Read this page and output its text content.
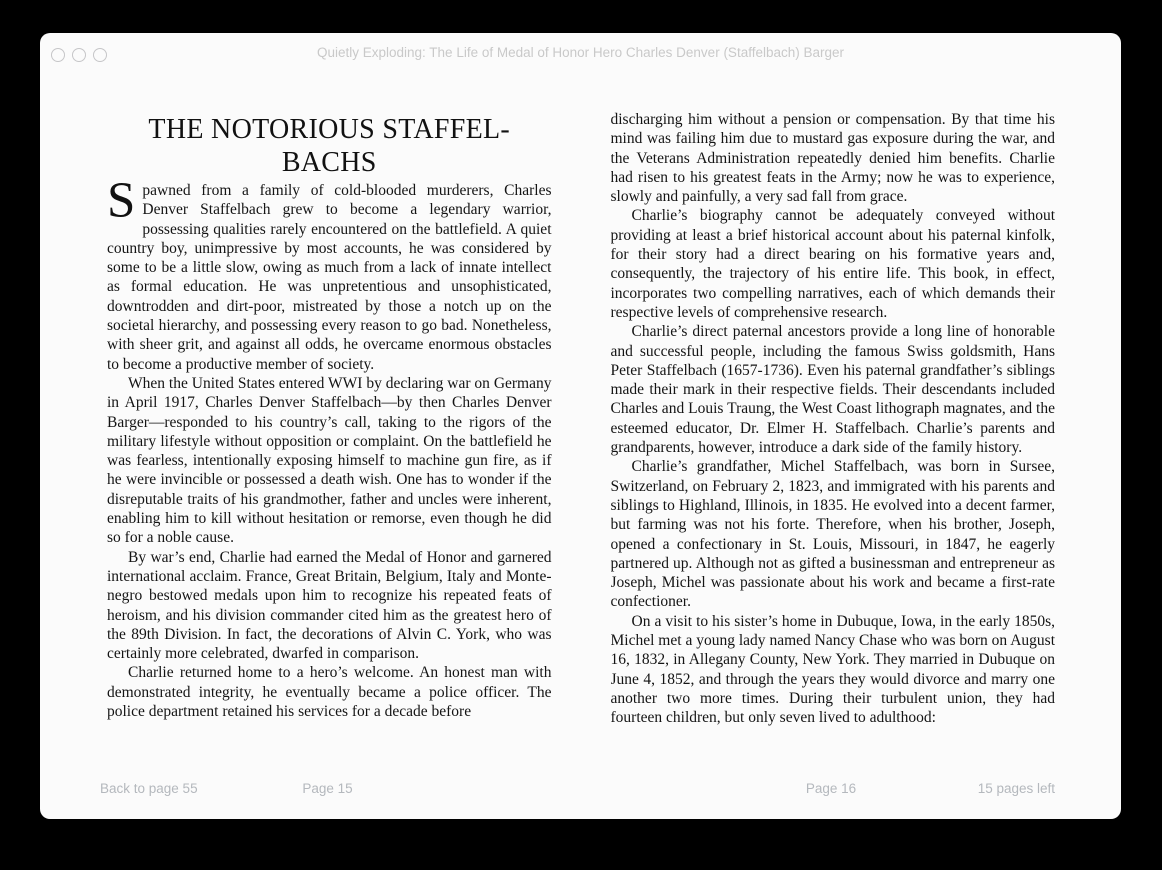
Quietly Exploding: The Life of Medal of Honor Hero Charles Denver (Staffelbach) Barger
THE NOTORIOUS STAFFEL-
BACHS

Spawned from a family of cold-blooded murderers, Charles Denver Staffelbach grew to become a legendary warrior, possessing qualities rarely encountered on the battlefield. A quiet country boy, unimpressive by most accounts, he was considered by some to be a little slow, owing as much from a lack of innate intellect as formal education. He was unpretentious and unsophisticated, downtrodden and dirt-poor, mistreated by those a notch up on the societal hierarchy, and possessing every reason to go bad. Nonetheless, with sheer grit, and against all odds, he overcame enormous obstacles to become a productive member of society.

When the United States entered WWI by declaring war on Germany in April 1917, Charles Denver Staffelbach—by then Charles Denver Barger—responded to his country’s call, taking to the rigors of the military lifestyle without opposition or complaint. On the battlefield he was fearless, intentionally exposing himself to machine gun fire, as if he were invincible or possessed a death wish. One has to wonder if the disreputable traits of his grandmother, father and uncles were inherent, enabling him to kill without hesitation or remorse, even though he did so for a noble cause.

By war’s end, Charlie had earned the Medal of Honor and garnered international acclaim. France, Great Britain, Belgium, Italy and Monte-negro bestowed medals upon him to recognize his repeated feats of heroism, and his division commander cited him as the greatest hero of the 89th Division. In fact, the decorations of Alvin C. York, who was certainly more celebrated, dwarfed in comparison.

Charlie returned home to a hero’s welcome. An honest man with demonstrated integrity, he eventually became a police officer. The police department retained his services for a decade before

discharging him without a pension or compensation. By that time his mind was failing him due to mustard gas exposure during the war, and the Veterans Administration repeatedly denied him benefits. Charlie had risen to his greatest feats in the Army; now he was to experience, slowly and painfully, a very sad fall from grace.

Charlie’s biography cannot be adequately conveyed without providing at least a brief historical account about his paternal kinfolk, for their story had a direct bearing on his formative years and, consequently, the trajectory of his entire life. This book, in effect, incorporates two compelling narratives, each of which demands their respective levels of comprehensive research.

Charlie’s direct paternal ancestors provide a long line of honorable and successful people, including the famous Swiss goldsmith, Hans Peter Staffelbach (1657-1736). Even his paternal grandfather’s siblings made their mark in their respective fields. Their descendants included Charles and Louis Traung, the West Coast lithograph magnates, and the esteemed educator, Dr. Elmer H. Staffelbach. Charlie’s parents and grandparents, however, introduce a dark side of the family history.

Charlie’s grandfather, Michel Staffelbach, was born in Sursee, Switzerland, on February 2, 1823, and immigrated with his parents and siblings to Highland, Illinois, in 1835. He evolved into a decent farmer, but farming was not his forte. Therefore, when his brother, Joseph, opened a confectionary in St. Louis, Missouri, in 1847, he eagerly partnered up. Although not as gifted a businessman and entrepreneur as Joseph, Michel was passionate about his work and became a first-rate confectioner.

On a visit to his sister’s home in Dubuque, Iowa, in the early 1850s, Michel met a young lady named Nancy Chase who was born on August 16, 1832, in Allegany County, New York. They married in Dubuque on June 4, 1852, and through the years they would divorce and marry one another two more times. During their turbulent union, they had fourteen children, but only seven lived to adulthood:

Back to page 55	Page 15	Page 16	15 pages left
